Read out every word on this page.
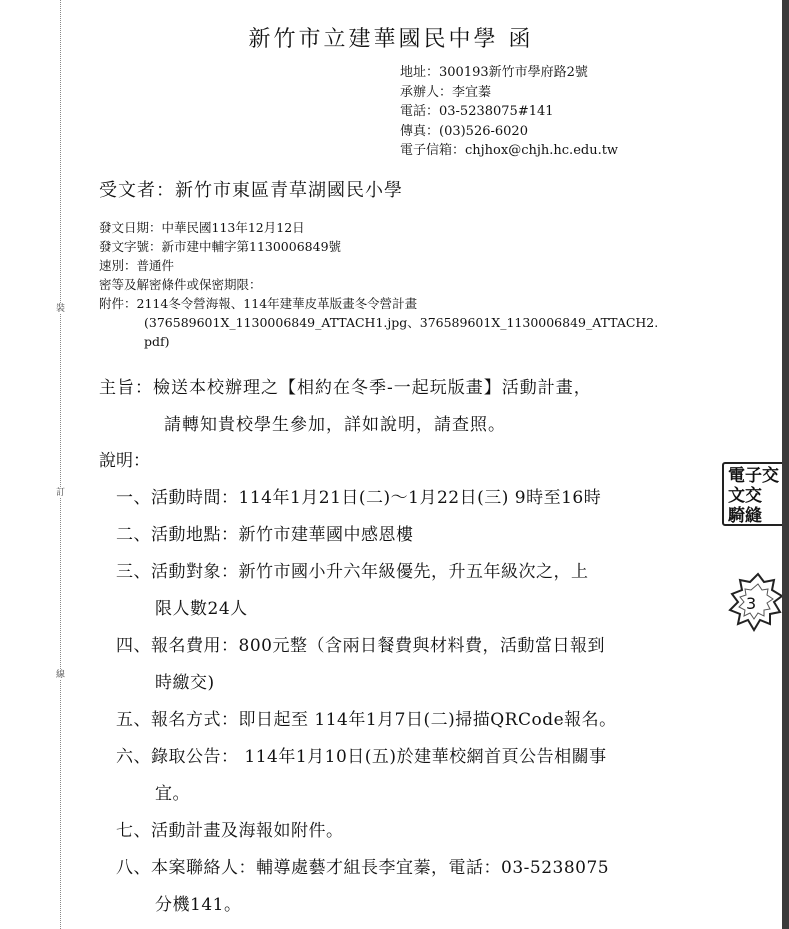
裝
訂
線
新竹市立建華國民中學 函
地址：300193新竹市學府路2號
承辦人：李宜蓁
電話：03-5238075#141
傳真：(03)526-6020
電子信箱：chjhox@chjh.hc.edu.tw
受文者：新竹市東區青草湖國民小學
發文日期：中華民國113年12月12日
發文字號：新市建中輔字第1130006849號
速別：普通件
密等及解密條件或保密期限：
附件：2114冬令營海報、114年建華皮革版畫冬令營計畫
(376589601X_1130006849_ATTACH1.jpg、376589601X_1130006849_ATTACH2.
pdf)
主旨：檢送本校辦理之【相約在冬季-一起玩版畫】活動計畫，
請轉知貴校學生參加，詳如說明，請查照。
說明：
一、活動時間：114年1月21日(二)～1月22日(三) 9時至16時
二、活動地點：新竹市建華國中感恩樓
三、活動對象：新竹市國小升六年級優先，升五年級次之，上
限人數24人
四、報名費用：800元整（含兩日餐費與材料費，活動當日報到
時繳交)
五、報名方式：即日起至 114年1月7日(二)掃描QRCode報名。
六、錄取公告： 114年1月10日(五)於建華校網首頁公告相關事
宜。
七、活動計畫及海報如附件。
八、本案聯絡人：輔導處藝才組長李宜蓁，電話：03-5238075
分機141。
電子交
文交
騎縫
3
